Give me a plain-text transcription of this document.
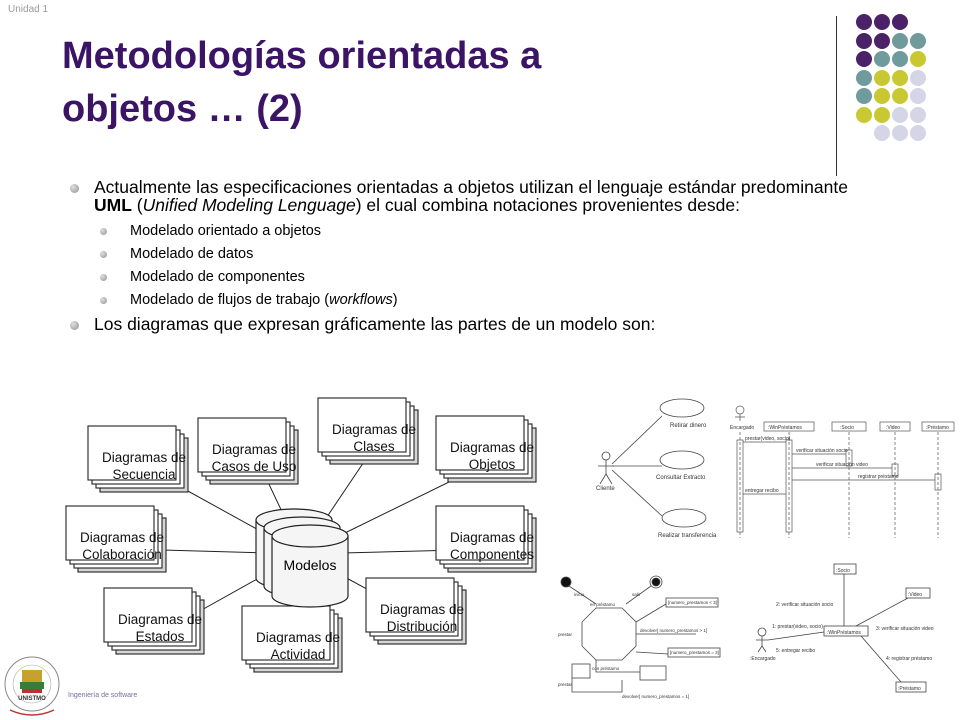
Unidad 1
Metodologías orientadas a
objetos … (2)
Actualmente las especificaciones orientadas a objetos utilizan el lenguaje estándar predominante UML (Unified Modeling Lenguage) el cual combina notaciones provenientes desde:
Modelado orientado a objetos
Modelado de datos
Modelado de componentes
Modelado de flujos de trabajo (workflows)
Los diagramas que expresan gráficamente las partes de un modelo son:
Diagramas de
Casos de Uso
Diagramas de
Clases
Diagramas de
Secuencia
Diagramas de
Objetos
Diagramas de
Colaboración
Diagramas de
Componentes
Diagramas de
Estados
Diagramas de
Distribución
Diagramas de
Actividad
Modelos
Retirar dinero
Consultar Extracto
Realizar transferencia
Cliente
Encargado	:WinPréstamos	:Socio	:Video	:Préstamo
prestar(video, socio)
verificar situación socio
verificar situación video
registrar préstamo
entregar recibo
inicio	salir
en préstamo	[numero_prestamos < 3]
devolver[ numero_prestamos > 1]
prestar
[numero_prestamos = 3]
con préstamo
prestar
devolver[ numero_prestamos = 1]
:Socio
:Video
:WinPréstamos
:Encargado
:Préstamo
2: verificar situación socio
1: prestar(video, socio)	3: verificar situación video
5: entregar recibo
4: registrar préstamo
UNISTMO	Ingeniería de software
